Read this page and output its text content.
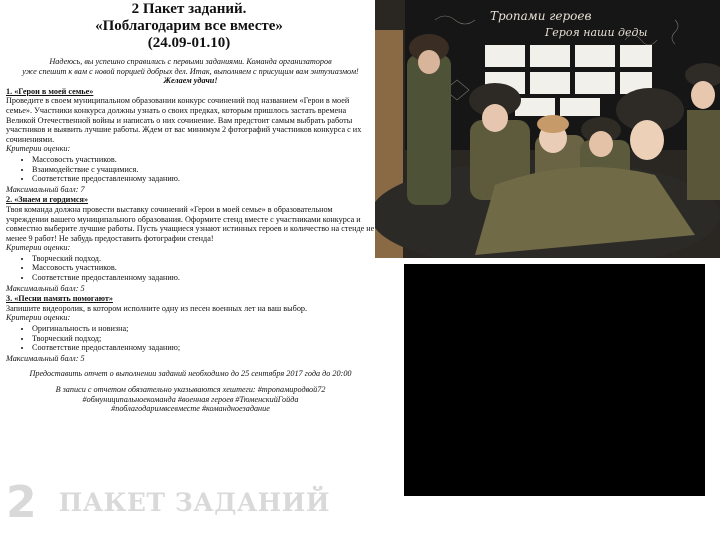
2 Пакет заданий.
«Поблагодарим все вместе»
(24.09-01.10)
Надеюсь, вы успешно справились с первыми заданиями. Команда организаторов
уже спешит к вам с новой порцией добрых дел. Итак, выполняем с присущим вам энтузиазмом!
Желаем удачи!
1. «Герои в моей семье»

Проведите в своем муниципальном образовании конкурс сочинений под названием «Герои в моей семье». Участники конкурса должны узнать о своих предках, которым пришлось застать времена Великой Отечественной войны и написать о них сочинение. Вам предстоит самым выбрать работы участников и выявить лучшие работы. Ждем от вас минимум 2 фотографий участников конкурса с их сочинениями.

Критерии оценки:
• Массовость участников.
• Взаимодействие с учащимися.
• Соответствие предоставленному заданию.
Максимальный балл: 7
2. «Знаем и гордимся»

Твоя команда должна провести выставку сочинений «Герои в моей семье» в образовательном учреждении вашего муниципального образования. Оформите стенд вместе с участниками конкурса и совместно выберите лучшие работы. Пусть учащиеся узнают истинных героев и количество на стенде не менее 9 работ! Не забудь предоставить фотографии стенда!

Критерии оценки:
• Творческий подход.
• Массовость участников.
• Соответствие предоставленному заданию.
Максимальный балл: 5
3. «Песни память помогают»

Запишите видеоролик, в котором исполните одну из песен военных лет на ваш выбор.

Критерии оценки:
• Оригинальность и новизна;
• Творческий подход;
• Соответствие предоставленному заданию;
Максимальный балл: 5

Предоставить отчет о выполнении заданий необходимо до 25 сентября 2017 года до 20:00

В записи с отчетом обязательно указываются хештеги: #тропамиродвой72

#обмуниципальноекоманда #военная героев #ТюменскийГойда

#поблагодаримвсевместе #командноезадание

Тропами героев
Героя наши деды
2 ПАКЕТ ЗАДАНИЙ
